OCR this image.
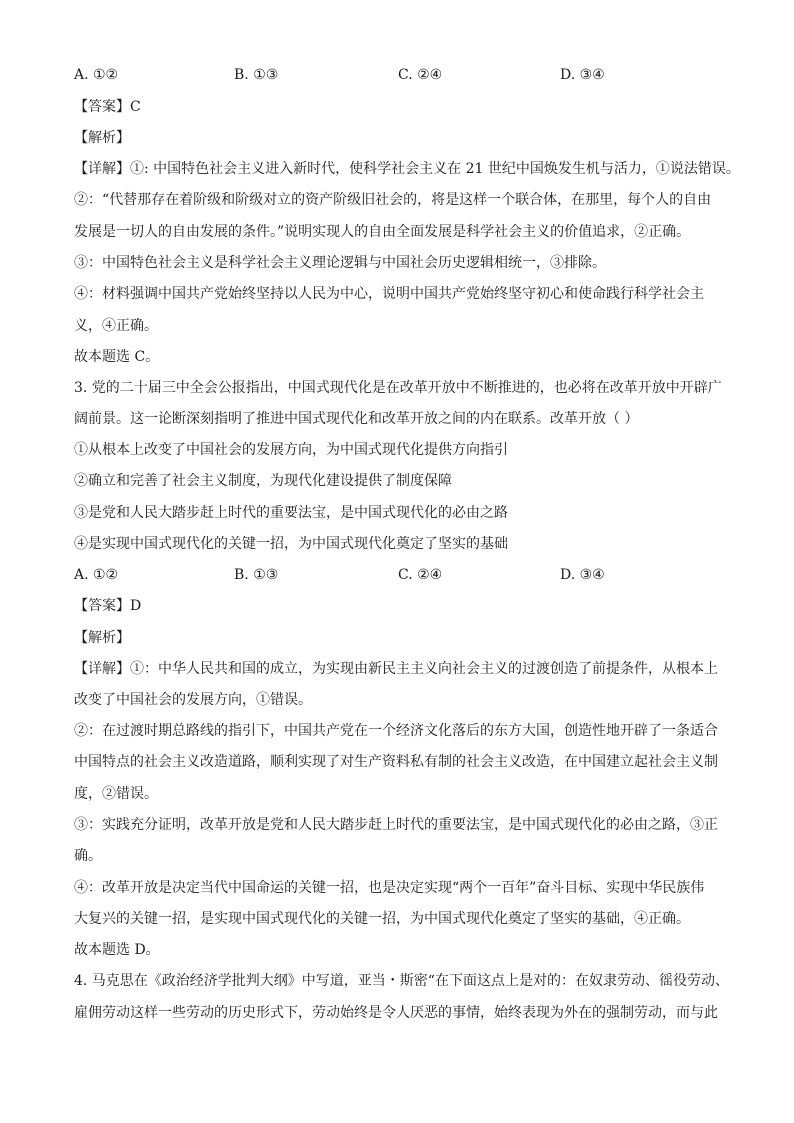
A. ①②	B. ①③	C. ②④	D. ③④
【答案】C
【解析】
【详解】①: 中国特色社会主义进入新时代，使科学社会主义在 21 世纪中国焕发生机与活力，①说法错误。
②：“代替那存在着阶级和阶级对立的资产阶级旧社会的，将是这样一个联合体，在那里，每个人的自由
发展是一切人的自由发展的条件。”说明实现人的自由全面发展是科学社会主义的价值追求，②正确。
③：中国特色社会主义是科学社会主义理论逻辑与中国社会历史逻辑相统一，③排除。
④：材料强调中国共产党始终坚持以人民为中心，说明中国共产党始终坚守初心和使命践行科学社会主
义，④正确。
故本题选 C。
3. 党的二十届三中全会公报指出，中国式现代化是在改革开放中不断推进的，也必将在改革开放中开辟广
阔前景。这一论断深刻指明了推进中国式现代化和改革开放之间的内在联系。改革开放（ ）
①从根本上改变了中国社会的发展方向，为中国式现代化提供方向指引
②确立和完善了社会主义制度，为现代化建设提供了制度保障
③是党和人民大踏步赶上时代的重要法宝，是中国式现代化的必由之路
④是实现中国式现代化的关键一招，为中国式现代化奠定了坚实的基础
A. ①②	B. ①③	C. ②④	D. ③④
【答案】D
【解析】
【详解】①：中华人民共和国的成立，为实现由新民主主义向社会主义的过渡创造了前提条件，从根本上
改变了中国社会的发展方向，①错误。
②：在过渡时期总路线的指引下，中国共产党在一个经济文化落后的东方大国，创造性地开辟了一条适合
中国特点的社会主义改造道路，顺利实现了对生产资料私有制的社会主义改造，在中国建立起社会主义制
度，②错误。
③：实践充分证明，改革开放是党和人民大踏步赶上时代的重要法宝，是中国式现代化的必由之路，③正
确。
④：改革开放是决定当代中国命运的关键一招，也是决定实现“两个一百年”奋斗目标、实现中华民族伟
大复兴的关键一招，是实现中国式现代化的关键一招，为中国式现代化奠定了坚实的基础，④正确。
故本题选 D。
4. 马克思在《政治经济学批判大纲》中写道，亚当・斯密“在下面这点上是对的：在奴隶劳动、徭役劳动、
雇佣劳动这样一些劳动的历史形式下，劳动始终是令人厌恶的事情，始终表现为外在的强制劳动，而与此
